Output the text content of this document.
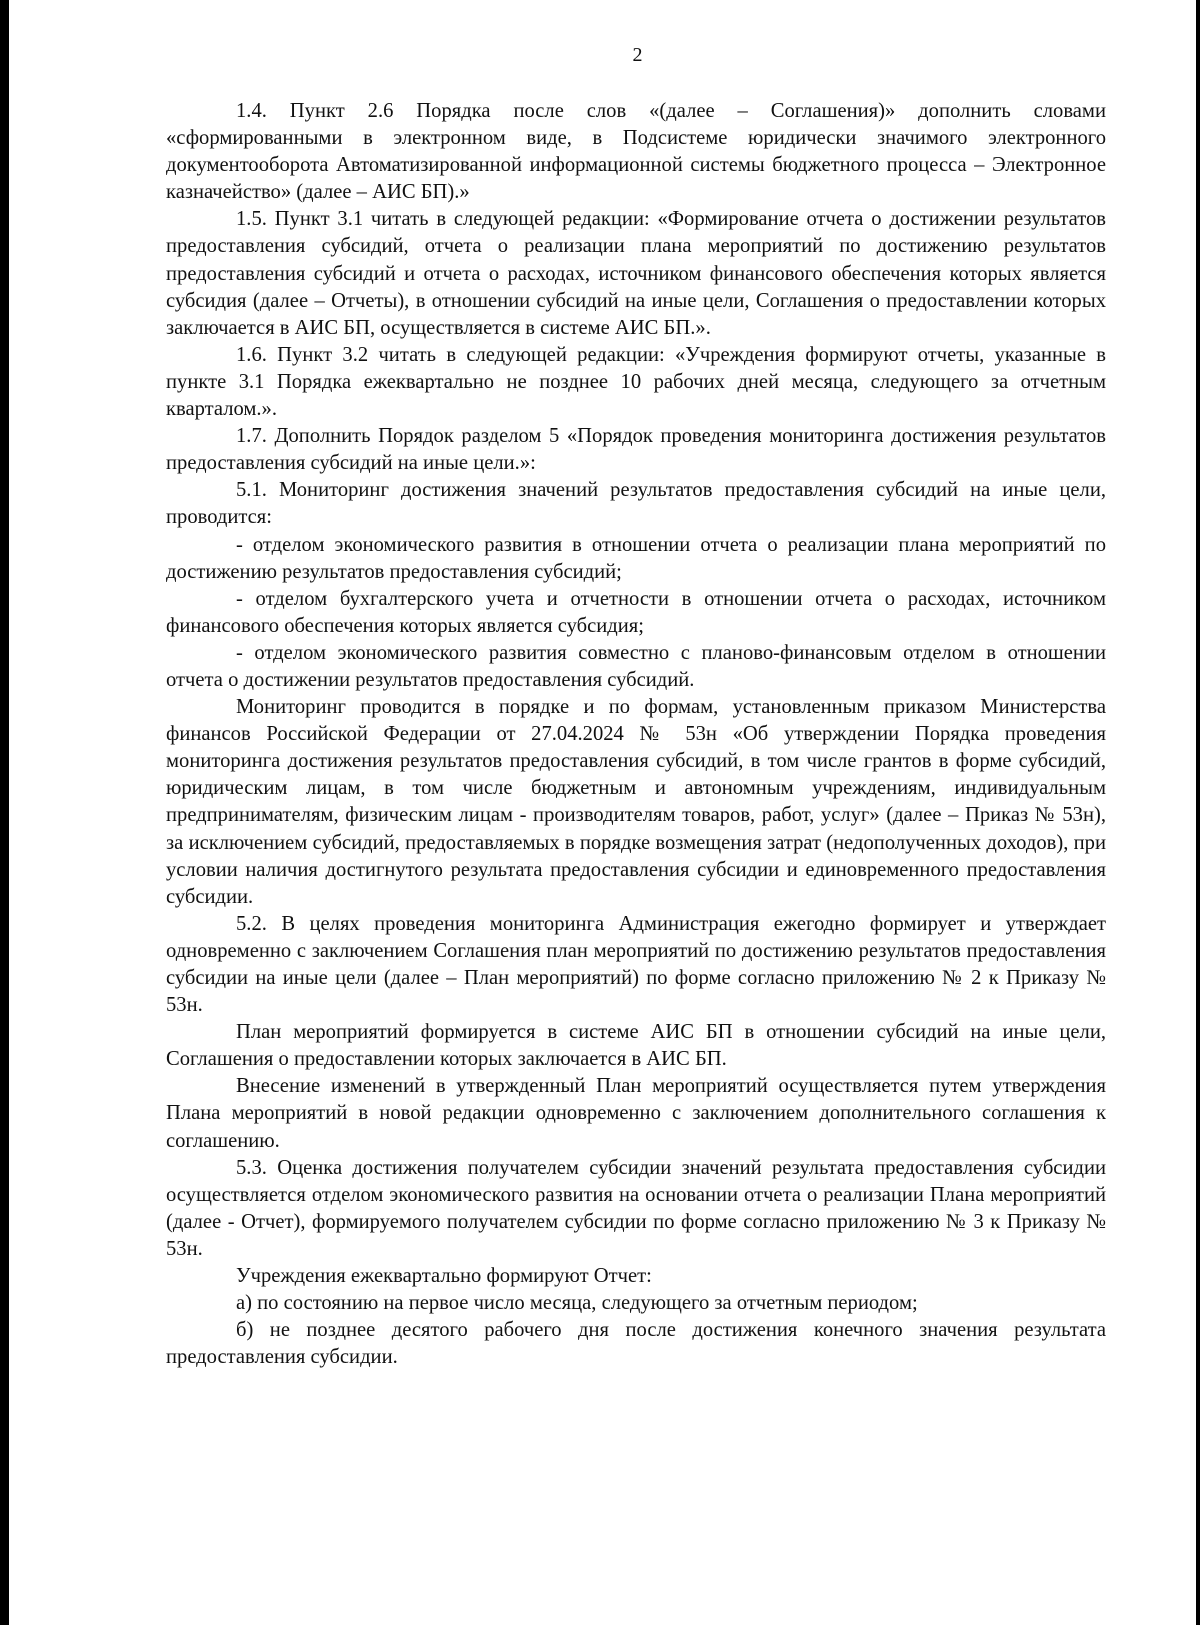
2

1.4. Пункт 2.6 Порядка после слов «(далее – Соглашения)» дополнить словами «сформированными в электронном виде, в Подсистеме юридически значимого электронного документооборота Автоматизированной информационной системы бюджетного процесса – Электронное казначейство» (далее – АИС БП).»

1.5. Пункт 3.1 читать в следующей редакции: «Формирование отчета о достижении результатов предоставления субсидий, отчета о реализации плана мероприятий по достижению результатов предоставления субсидий и отчета о расходах, источником финансового обеспечения которых является субсидия (далее – Отчеты), в отношении субсидий на иные цели, Соглашения о предоставлении которых заключается в АИС БП, осуществляется в системе АИС БП.».

1.6. Пункт 3.2 читать в следующей редакции: «Учреждения формируют отчеты, указанные в пункте 3.1 Порядка ежеквартально не позднее 10 рабочих дней месяца, следующего за отчетным кварталом.».

1.7. Дополнить Порядок разделом 5 «Порядок проведения мониторинга достижения результатов предоставления субсидий на иные цели.»:

5.1. Мониторинг достижения значений результатов предоставления субсидий на иные цели, проводится:

- отделом экономического развития в отношении отчета о реализации плана мероприятий по достижению результатов предоставления субсидий;

- отделом бухгалтерского учета и отчетности в отношении отчета о расходах, источником финансового обеспечения которых является субсидия;

- отделом экономического развития совместно с планово-финансовым отделом в отношении отчета о достижении результатов предоставления субсидий.

Мониторинг проводится в порядке и по формам, установленным приказом Министерства финансов Российской Федерации от 27.04.2024 № 53н «Об утверждении Порядка проведения мониторинга достижения результатов предоставления субсидий, в том числе грантов в форме субсидий, юридическим лицам, в том числе бюджетным и автономным учреждениям, индивидуальным предпринимателям, физическим лицам - производителям товаров, работ, услуг» (далее – Приказ № 53н), за исключением субсидий, предоставляемых в порядке возмещения затрат (недополученных доходов), при условии наличия достигнутого результата предоставления субсидии и единовременного предоставления субсидии.

5.2. В целях проведения мониторинга Администрация ежегодно формирует и утверждает одновременно с заключением Соглашения план мероприятий по достижению результатов предоставления субсидии на иные цели (далее – План мероприятий) по форме согласно приложению № 2 к Приказу № 53н.

План мероприятий формируется в системе АИС БП в отношении субсидий на иные цели, Соглашения о предоставлении которых заключается в АИС БП.

Внесение изменений в утвержденный План мероприятий осуществляется путем утверждения Плана мероприятий в новой редакции одновременно с заключением дополнительного соглашения к соглашению.

5.3. Оценка достижения получателем субсидии значений результата предоставления субсидии осуществляется отделом экономического развития на основании отчета о реализации Плана мероприятий (далее - Отчет), формируемого получателем субсидии по форме согласно приложению № 3 к Приказу № 53н.

Учреждения ежеквартально формируют Отчет:

а) по состоянию на первое число месяца, следующего за отчетным периодом;

б) не позднее десятого рабочего дня после достижения конечного значения результата предоставления субсидии.
